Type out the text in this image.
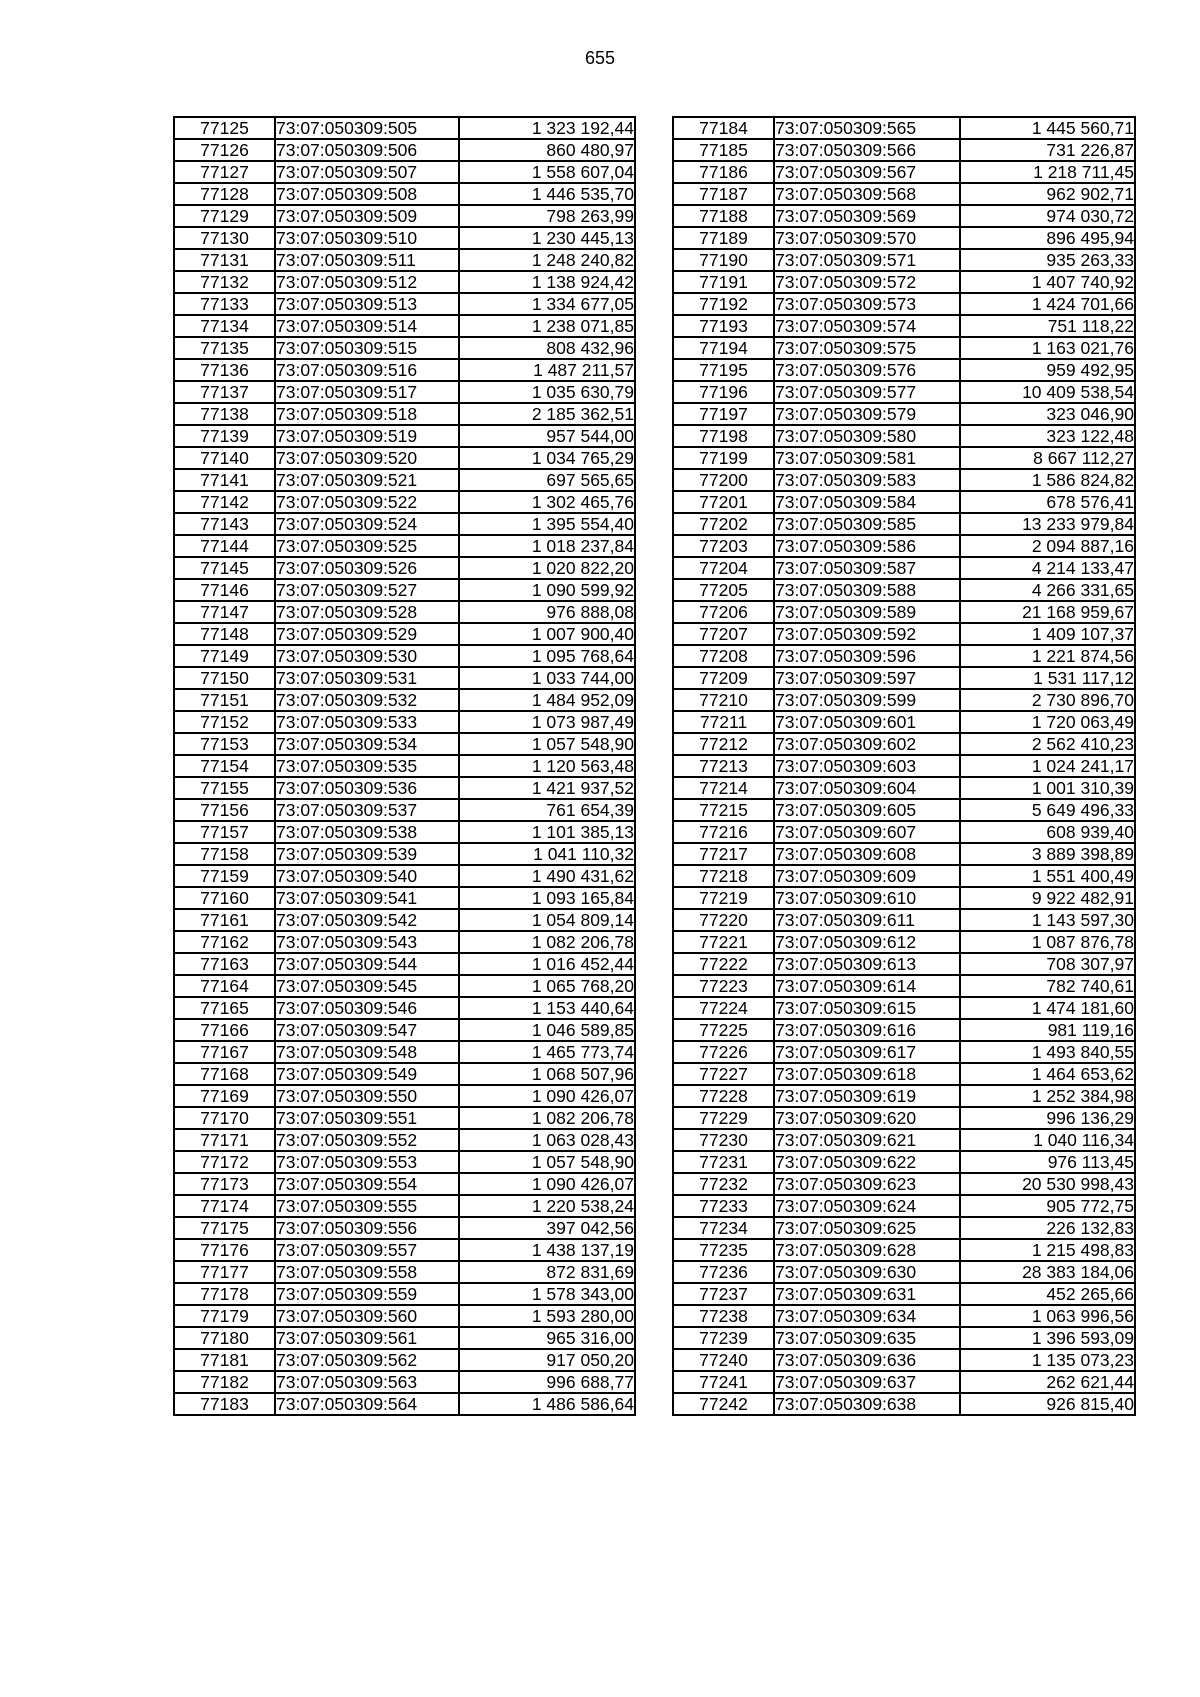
655
77125	73:07:050309:505	1 323 192,44
77126	73:07:050309:506	860 480,97
77127	73:07:050309:507	1 558 607,04
77128	73:07:050309:508	1 446 535,70
77129	73:07:050309:509	798 263,99
77130	73:07:050309:510	1 230 445,13
77131	73:07:050309:511	1 248 240,82
77132	73:07:050309:512	1 138 924,42
77133	73:07:050309:513	1 334 677,05
77134	73:07:050309:514	1 238 071,85
77135	73:07:050309:515	808 432,96
77136	73:07:050309:516	1 487 211,57
77137	73:07:050309:517	1 035 630,79
77138	73:07:050309:518	2 185 362,51
77139	73:07:050309:519	957 544,00
77140	73:07:050309:520	1 034 765,29
77141	73:07:050309:521	697 565,65
77142	73:07:050309:522	1 302 465,76
77143	73:07:050309:524	1 395 554,40
77144	73:07:050309:525	1 018 237,84
77145	73:07:050309:526	1 020 822,20
77146	73:07:050309:527	1 090 599,92
77147	73:07:050309:528	976 888,08
77148	73:07:050309:529	1 007 900,40
77149	73:07:050309:530	1 095 768,64
77150	73:07:050309:531	1 033 744,00
77151	73:07:050309:532	1 484 952,09
77152	73:07:050309:533	1 073 987,49
77153	73:07:050309:534	1 057 548,90
77154	73:07:050309:535	1 120 563,48
77155	73:07:050309:536	1 421 937,52
77156	73:07:050309:537	761 654,39
77157	73:07:050309:538	1 101 385,13
77158	73:07:050309:539	1 041 110,32
77159	73:07:050309:540	1 490 431,62
77160	73:07:050309:541	1 093 165,84
77161	73:07:050309:542	1 054 809,14
77162	73:07:050309:543	1 082 206,78
77163	73:07:050309:544	1 016 452,44
77164	73:07:050309:545	1 065 768,20
77165	73:07:050309:546	1 153 440,64
77166	73:07:050309:547	1 046 589,85
77167	73:07:050309:548	1 465 773,74
77168	73:07:050309:549	1 068 507,96
77169	73:07:050309:550	1 090 426,07
77170	73:07:050309:551	1 082 206,78
77171	73:07:050309:552	1 063 028,43
77172	73:07:050309:553	1 057 548,90
77173	73:07:050309:554	1 090 426,07
77174	73:07:050309:555	1 220 538,24
77175	73:07:050309:556	397 042,56
77176	73:07:050309:557	1 438 137,19
77177	73:07:050309:558	872 831,69
77178	73:07:050309:559	1 578 343,00
77179	73:07:050309:560	1 593 280,00
77180	73:07:050309:561	965 316,00
77181	73:07:050309:562	917 050,20
77182	73:07:050309:563	996 688,77
77183	73:07:050309:564	1 486 586,64
77184	73:07:050309:565	1 445 560,71
77185	73:07:050309:566	731 226,87
77186	73:07:050309:567	1 218 711,45
77187	73:07:050309:568	962 902,71
77188	73:07:050309:569	974 030,72
77189	73:07:050309:570	896 495,94
77190	73:07:050309:571	935 263,33
77191	73:07:050309:572	1 407 740,92
77192	73:07:050309:573	1 424 701,66
77193	73:07:050309:574	751 118,22
77194	73:07:050309:575	1 163 021,76
77195	73:07:050309:576	959 492,95
77196	73:07:050309:577	10 409 538,54
77197	73:07:050309:579	323 046,90
77198	73:07:050309:580	323 122,48
77199	73:07:050309:581	8 667 112,27
77200	73:07:050309:583	1 586 824,82
77201	73:07:050309:584	678 576,41
77202	73:07:050309:585	13 233 979,84
77203	73:07:050309:586	2 094 887,16
77204	73:07:050309:587	4 214 133,47
77205	73:07:050309:588	4 266 331,65
77206	73:07:050309:589	21 168 959,67
77207	73:07:050309:592	1 409 107,37
77208	73:07:050309:596	1 221 874,56
77209	73:07:050309:597	1 531 117,12
77210	73:07:050309:599	2 730 896,70
77211	73:07:050309:601	1 720 063,49
77212	73:07:050309:602	2 562 410,23
77213	73:07:050309:603	1 024 241,17
77214	73:07:050309:604	1 001 310,39
77215	73:07:050309:605	5 649 496,33
77216	73:07:050309:607	608 939,40
77217	73:07:050309:608	3 889 398,89
77218	73:07:050309:609	1 551 400,49
77219	73:07:050309:610	9 922 482,91
77220	73:07:050309:611	1 143 597,30
77221	73:07:050309:612	1 087 876,78
77222	73:07:050309:613	708 307,97
77223	73:07:050309:614	782 740,61
77224	73:07:050309:615	1 474 181,60
77225	73:07:050309:616	981 119,16
77226	73:07:050309:617	1 493 840,55
77227	73:07:050309:618	1 464 653,62
77228	73:07:050309:619	1 252 384,98
77229	73:07:050309:620	996 136,29
77230	73:07:050309:621	1 040 116,34
77231	73:07:050309:622	976 113,45
77232	73:07:050309:623	20 530 998,43
77233	73:07:050309:624	905 772,75
77234	73:07:050309:625	226 132,83
77235	73:07:050309:628	1 215 498,83
77236	73:07:050309:630	28 383 184,06
77237	73:07:050309:631	452 265,66
77238	73:07:050309:634	1 063 996,56
77239	73:07:050309:635	1 396 593,09
77240	73:07:050309:636	1 135 073,23
77241	73:07:050309:637	262 621,44
77242	73:07:050309:638	926 815,40
